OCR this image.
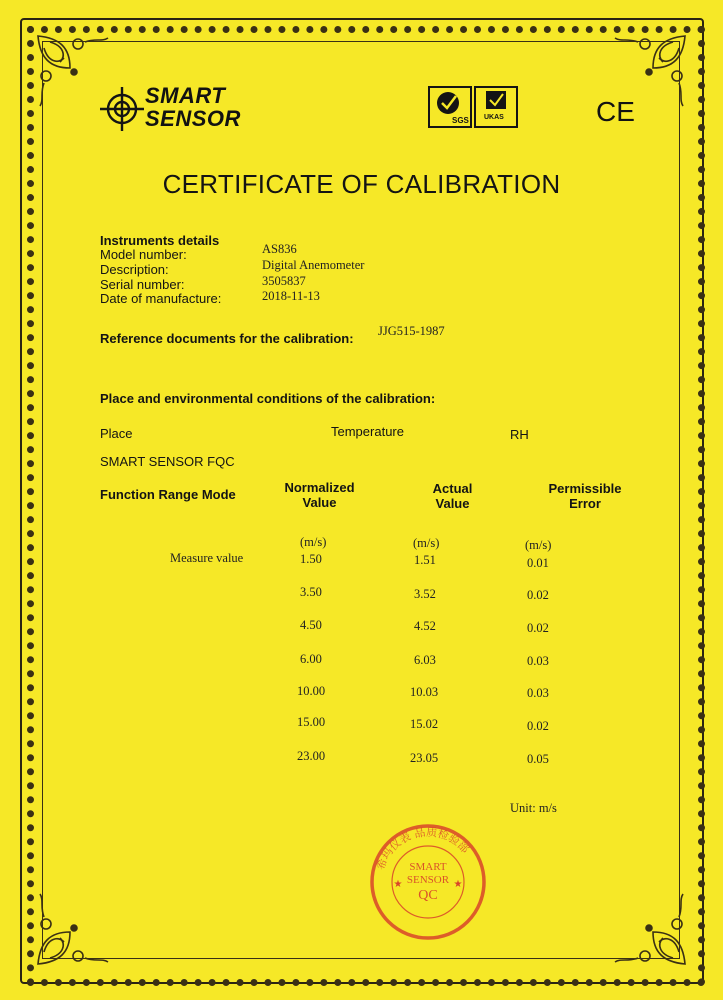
SMART
SENSOR	SGS UKAS	CE
CERTIFICATE OF CALIBRATION
Instruments details
Model number:	AS836
Description:	Digital Anemometer
Serial number:	3505837
Date of manufacture:	2018-11-13
Reference documents for the calibration: JJG515-1987
Place and environmental conditions of the calibration:
Place	Temperature	RH
SMART SENSOR FQC
Function Range Mode	Normalized
Value
Actual
Value
Permissible
Error
(m/s)	(m/s)	(m/s)
Measure value	1.50	1.51	0.01
3.50	3.52	0.02
4.50	4.52	0.02
6.00	6.03	0.03
10.00	10.03	0.03
15.00	15.02	0.02
23.00	23.05	0.05
Unit: m/s
希玛仪表 品质检验部
SMART
SENSOR
QC
★	★
